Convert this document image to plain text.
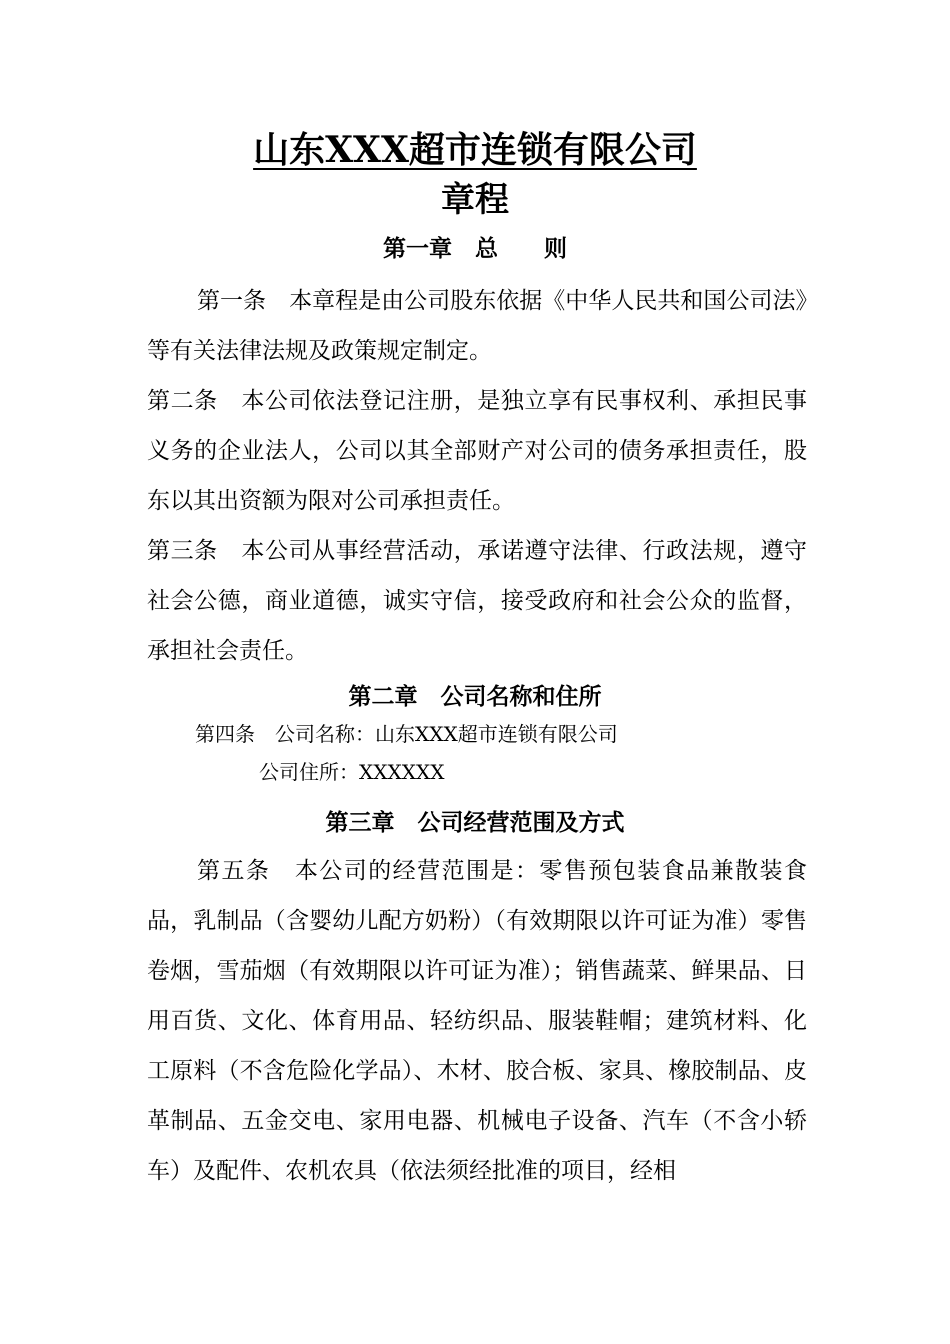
山东XXX超市连锁有限公司
章程
第一章　总　　则
第一条　本章程是由公司股东依据《中华人民共和国公司法》等有关法律法规及政策规定制定。
第二条　本公司依法登记注册，是独立享有民事权利、承担民事义务的企业法人，公司以其全部财产对公司的债务承担责任，股东以其出资额为限对公司承担责任。
第三条　本公司从事经营活动，承诺遵守法律、行政法规，遵守社会公德，商业道德，诚实守信，接受政府和社会公众的监督，承担社会责任。
第二章　公司名称和住所
第四条　公司名称：山东XXX超市连锁有限公司
公司住所：XXXXXX
第三章　公司经营范围及方式
第五条　本公司的经营范围是：零售预包装食品兼散装食品，乳制品（含婴幼儿配方奶粉）（有效期限以许可证为准）零售卷烟，雪茄烟（有效期限以许可证为准）；销售蔬菜、鲜果品、日用百货、文化、体育用品、轻纺织品、服装鞋帽；建筑材料、化工原料（不含危险化学品）、木材、胶合板、家具、橡胶制品、皮革制品、五金交电、家用电器、机械电子设备、汽车（不含小轿车）及配件、农机农具（依法须经批准的项目，经相
